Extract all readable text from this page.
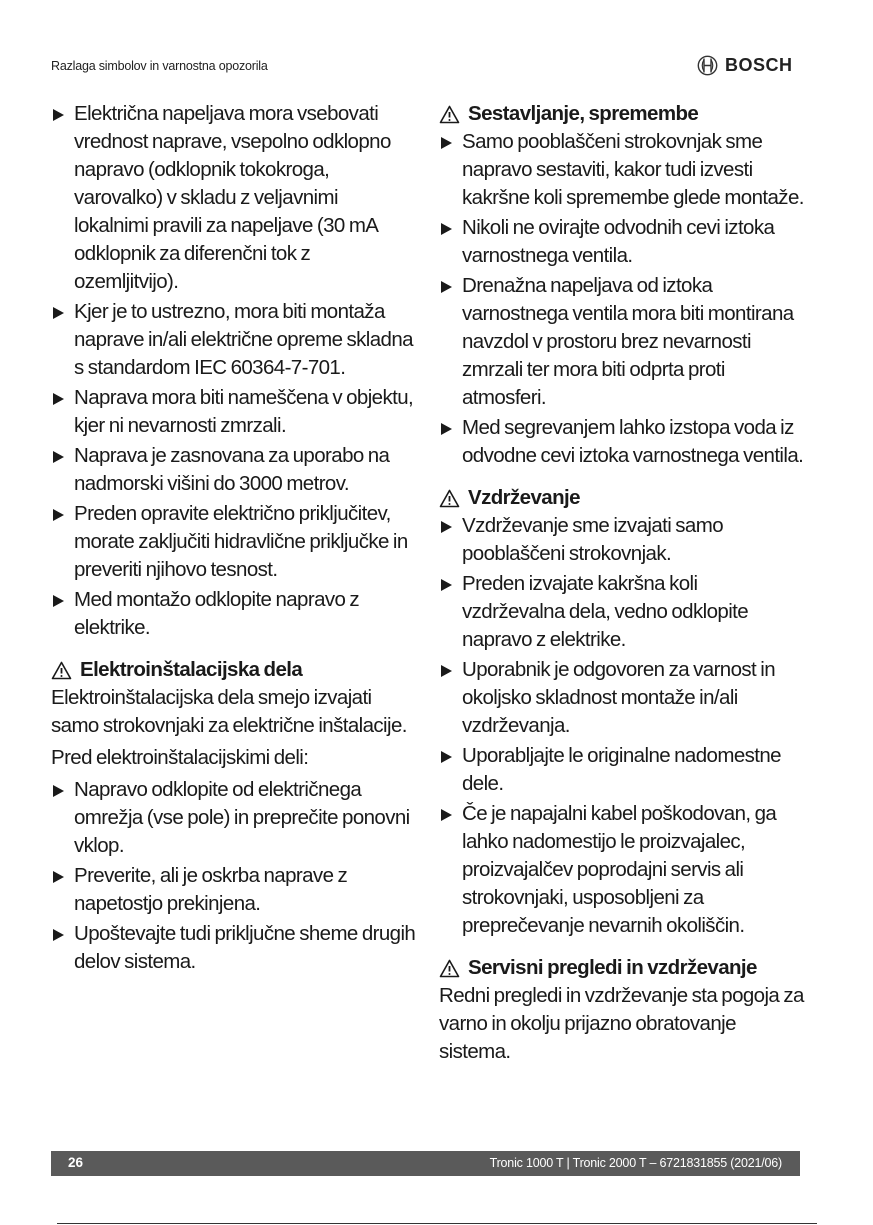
Razlaga simbolov in varnostna opozorila	BOSCH
Električna napeljava mora vsebovati vrednost naprave, vsepolno odklopno napravo (odklopnik tokokroga, varovalko) v skladu z veljavnimi lokalnimi pravili za napeljave (30 mA odklopnik za diferenčni tok z ozemljitvijo).
Kjer je to ustrezno, mora biti montaža naprave in/ali električne opreme skladna s standardom IEC 60364-7-701.
Naprava mora biti nameščena v objektu, kjer ni nevarnosti zmrzali.
Naprava je zasnovana za uporabo na nadmorski višini do 3000 metrov.
Preden opravite električno priključitev, morate zaključiti hidravlične priključke in preveriti njihovo tesnost.
Med montažo odklopite napravo z elektrike.
Elektroinštalacijska dela

Elektroinštalacijska dela smejo izvajati samo strokovnjaki za električne inštalacije.

Pred elektroinštalacijskimi deli:

Napravo odklopite od električnega omrežja (vse pole) in preprečite ponovni vklop.
Preverite, ali je oskrba naprave z napetostjo prekinjena.
Upoštevajte tudi priključne sheme drugih delov sistema.
Sestavljanje, spremembe
Samo pooblaščeni strokovnjak sme napravo sestaviti, kakor tudi izvesti kakršne koli spremembe glede montaže.
Nikoli ne ovirajte odvodnih cevi iztoka varnostnega ventila.
Drenažna napeljava od iztoka varnostnega ventila mora biti montirana navzdol v prostoru brez nevarnosti zmrzali ter mora biti odprta proti atmosferi.
Med segrevanjem lahko izstopa voda iz odvodne cevi iztoka varnostnega ventila.
Vzdrževanje
Vzdrževanje sme izvajati samo pooblaščeni strokovnjak.
Preden izvajate kakršna koli vzdrževalna dela, vedno odklopite napravo z elektrike.
Uporabnik je odgovoren za varnost in okoljsko skladnost montaže in/ali vzdrževanja.
Uporabljajte le originalne nadomestne dele.
Če je napajalni kabel poškodovan, ga lahko nadomestijo le proizvajalec, proizvajalčev poprodajni servis ali strokovnjaki, usposobljeni za preprečevanje nevarnih okoliščin.
Servisni pregledi in vzdrževanje

Redni pregledi in vzdrževanje sta pogoja za varno in okolju prijazno obratovanje sistema.

26	Tronic 1000 T | Tronic 2000 T – 6721831855 (2021/06)
